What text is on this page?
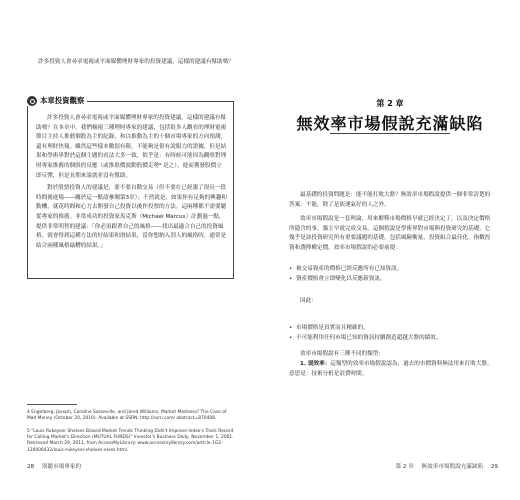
許多投資人會尋求電視或平面媒體理財專家的投資建議，這樣的建議有幫助嗎？

本章投資觀察

許多投資人會尋求電視或平面媒體理財專家的投資建議，這樣的建議有幫助嗎？在本章中，我們檢視三種理財專家的建議，包括很多人觀看的理財電視節目主持人推薦個股為主的紀錄，和以推動為主的十個市場專家的方向預測，還有理財快報。雖然這些樣本數很有限，不能夠是很有說服力的證據，但是結果和學術界對於這個主題的看法大多一致，似乎是：有時候可能因為觀察對理財專家推薦的個股的反應（或推股價波動股價走勢⁸ 是之），進而獲發股價立即反彈，但是長期來說就並沒有幫助。

對於股票投資人的建議是，要不要自動交易（但不要在已經漲了很長一段時間後進場——關於這一點請參閱第3章）；不然就是，如果你有足夠的興趣和動機，就花時間和心力去開發自己投資以後作投票的方法。這兩種都不需要聽從專家的推薦。非常成功的投資家馬克斯（Michael Marcus）計劃過一點，提供非常明智的建議：「你必須跟著自己的風格——找出最適合自己的投資風格，就會得到這種方法的好結果和滑結果，當你想納入別人的風格時，通常是結合兩種風格最糟的結果。」

4 Engelberg, Joseph, Caroline Sasseville, and Jared Williams, Market Madness? The Case of Mad Money (October 20, 2010). Available at SSRN: http://ssrn.com/ abstract=870408.
5 "Louis Rukeyser Shelves Biased Market Trends Thinking Didn't Improve Index's Track Record for Calling Market's Direction (MUTUAL FUNDS)" Investor's Business Daily, November 1, 2001. Retrieved March 29, 2011, from AccessMyLibrary: www.accessmylibrary.com/article-1G2-126006432/louis-rukeyser-shelves-elves.html.
28 別聽市場專家的
第 2 章
無效率市場假說充滿缺陷

最基礎的投資問題是：能不能打敗大盤？無效率市場假說提供一個非常清楚的答案：不能，除了是依運氣好的人之外。

效率市場假說是一套理論，用來解釋市場價格早就已經決定了，以及決定價格所隱含的事，貓主早就完成交易。這個假說是學術界對市場與投資研究的基礎，它幾乎是該投資研究所有重要議題的基礎，包括風險衡量、投資組合最佳化、指數投資和選擇權定價。效率市場假說的必要前提：

• 被交易資產的價格已經反應所有已知資訊。
• 資產價格會立即變化以反應新資訊。

因此：

• 市場價格是真實而且精確的。
• 不可能利用任何市場已知的資訊持續創造超越大盤的績效。

效率市場假說有三種不同的類型：

1. 弱效率：這類型的效率市場假說認為，過去的市價資料無法用來打敗大盤。意思是：技術分析是浪費時間。

第 2 章 無效率市場假說充滿缺陷 29
